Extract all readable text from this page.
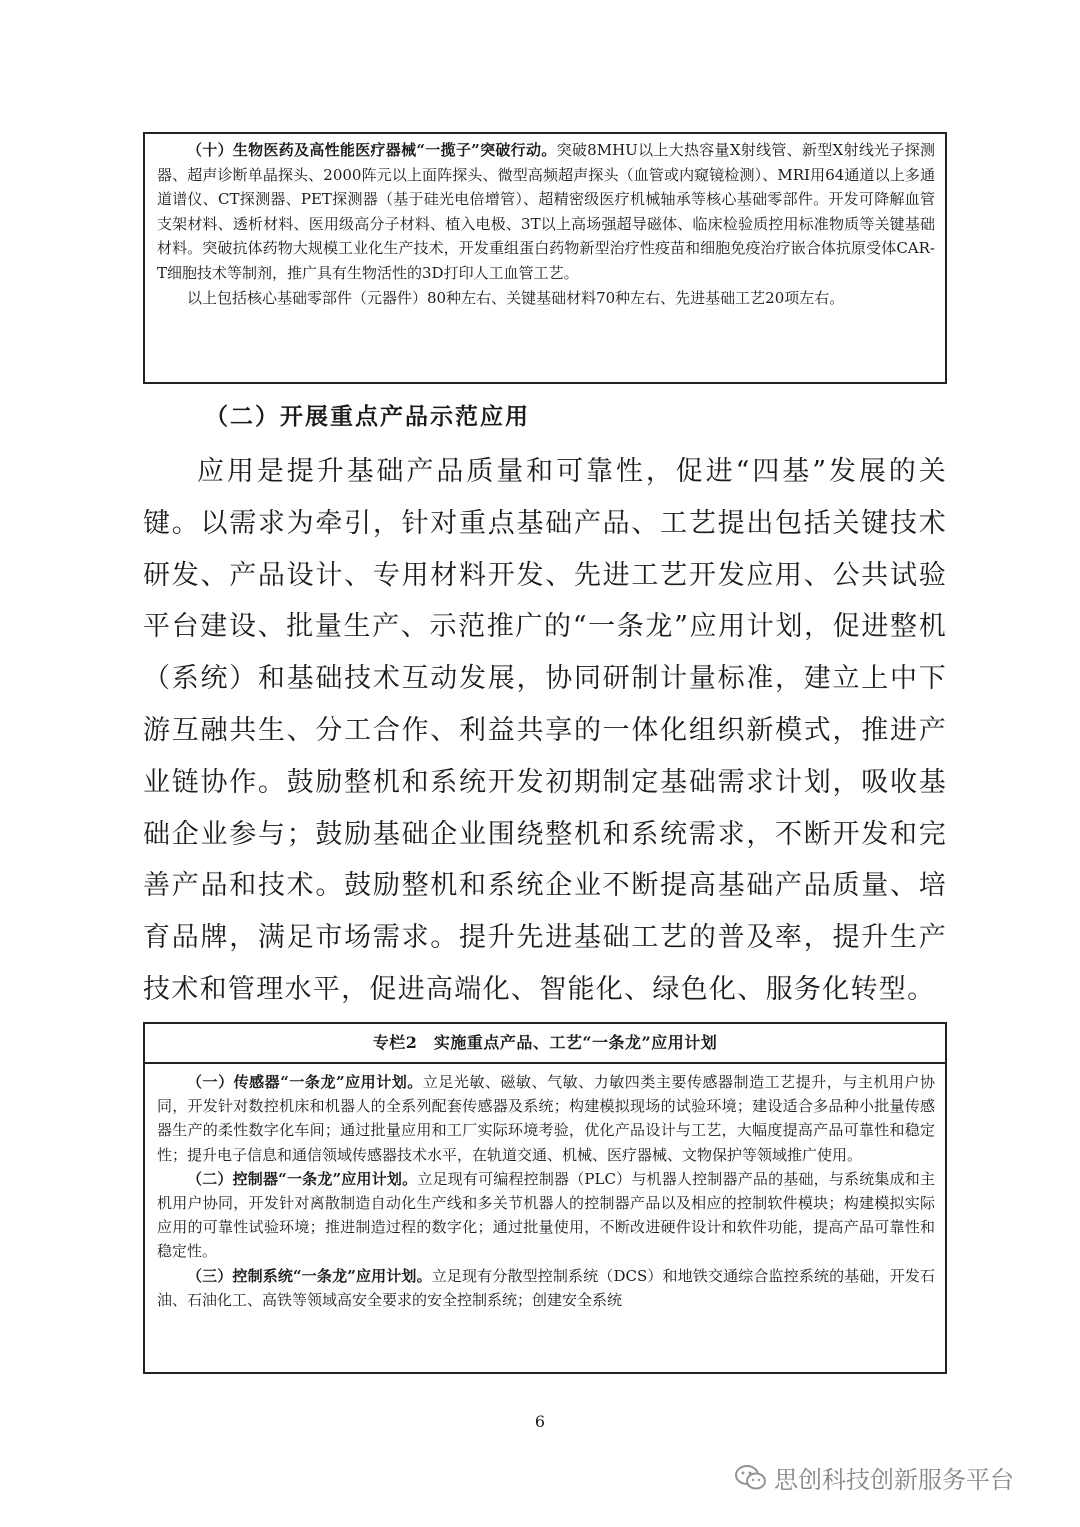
（十）生物医药及高性能医疗器械“一揽子”突破行动。突破8MHU以上大热容量X射线管、新型X射线光子探测器、超声诊断单晶探头、2000阵元以上面阵探头、微型高频超声探头（血管或内窥镜检测）、MRI用64通道以上多通道谱仪、CT探测器、PET探测器（基于硅光电倍增管）、超精密级医疗机械轴承等核心基础零部件。开发可降解血管支架材料、透析材料、医用级高分子材料、植入电极、3T以上高场强超导磁体、临床检验质控用标准物质等关键基础材料。突破抗体药物大规模工业化生产技术，开发重组蛋白药物新型治疗性疫苗和细胞免疫治疗嵌合体抗原受体CAR-T细胞技术等制剂，推广具有生物活性的3D打印人工血管工艺。

以上包括核心基础零部件（元器件）80种左右、关键基础材料70种左右、先进基础工艺20项左右。

（二）开展重点产品示范应用

应用是提升基础产品质量和可靠性，促进“四基”发展的关键。以需求为牵引，针对重点基础产品、工艺提出包括关键技术研发、产品设计、专用材料开发、先进工艺开发应用、公共试验平台建设、批量生产、示范推广的“一条龙”应用计划，促进整机（系统）和基础技术互动发展，协同研制计量标准，建立上中下游互融共生、分工合作、利益共享的一体化组织新模式，推进产业链协作。鼓励整机和系统开发初期制定基础需求计划，吸收基础企业参与；鼓励基础企业围绕整机和系统需求，不断开发和完善产品和技术。鼓励整机和系统企业不断提高基础产品质量、培育品牌，满足市场需求。提升先进基础工艺的普及率，提升生产技术和管理水平，促进高端化、智能化、绿色化、服务化转型。

专栏2　实施重点产品、工艺“一条龙”应用计划

（一）传感器“一条龙”应用计划。立足光敏、磁敏、气敏、力敏四类主要传感器制造工艺提升，与主机用户协同，开发针对数控机床和机器人的全系列配套传感器及系统；构建模拟现场的试验环境；建设适合多品种小批量传感器生产的柔性数字化车间；通过批量应用和工厂实际环境考验，优化产品设计与工艺，大幅度提高产品可靠性和稳定性；提升电子信息和通信领域传感器技术水平，在轨道交通、机械、医疗器械、文物保护等领域推广使用。

（二）控制器“一条龙”应用计划。立足现有可编程控制器（PLC）与机器人控制器产品的基础，与系统集成和主机用户协同，开发针对离散制造自动化生产线和多关节机器人的控制器产品以及相应的控制软件模块；构建模拟实际应用的可靠性试验环境；推进制造过程的数字化；通过批量使用，不断改进硬件设计和软件功能，提高产品可靠性和稳定性。

（三）控制系统“一条龙”应用计划。立足现有分散型控制系统（DCS）和地铁交通综合监控系统的基础，开发石油、石油化工、高铁等领域高安全要求的安全控制系统；创建安全系统

6

思创科技创新服务平台
